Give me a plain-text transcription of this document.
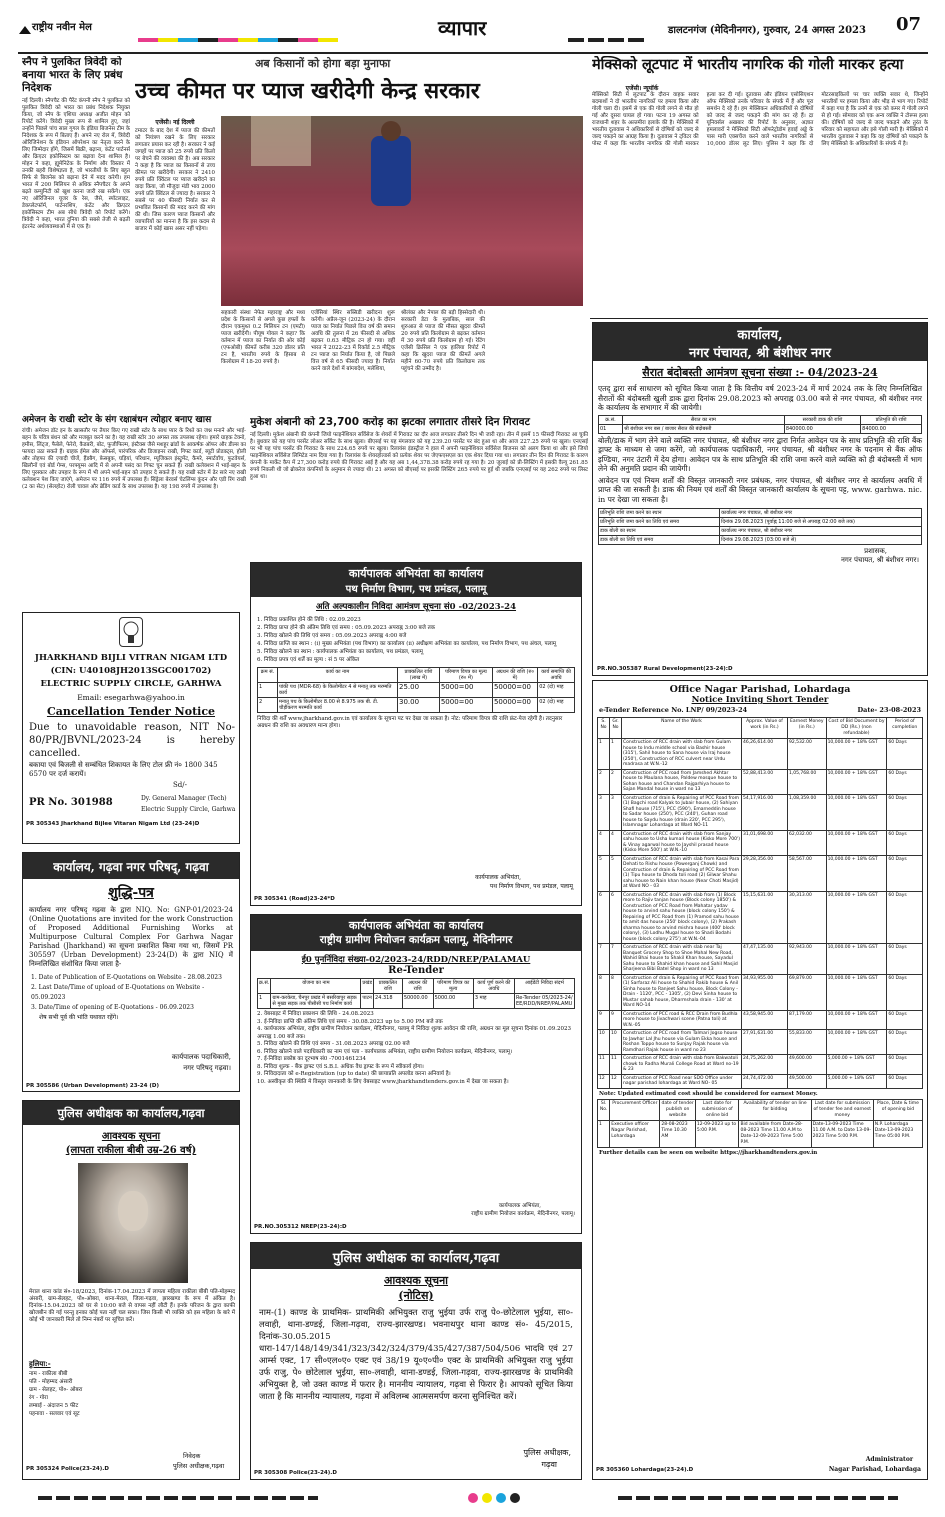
राष्ट्रीय नवीन मेल	व्यापार	डालटनगंज (मेदिनीनगर), गुरुवार, 24 अगस्त 2023 07
स्नैप ने पुलकित त्रिवेदी को बनाया भारत के लिए प्रबंध निदेशक
नई दिल्ली। स्नैपचैट की पैरेंट कंपनी स्नैप ने पुलकित को पुलकित त्रिवेदी को भारत का प्रबंध निदेशक नियुक्त किया, जो स्नैप के एशिया अध्यक्ष अजीत मोहन को रिपोर्ट करेंगे। त्रिवेदी मुख्य रूप से शामिल हुए, जहां उन्होंने पिछले पांच साल गूगल के इंडिया बिजनेस टीम के निदेशक के रूप में बिताए हैं। अपने नए रोल में, त्रिवेदी ओरिजिनेशन के इंडियन ऑपरेशन का नेतृत्व करने के लिए जिम्मेदार होंगे, जिसमें बिक्री, बढ़ाना, कंटेंट पार्टनर्स और क्रिएटर इकोसिस्टम का बढ़ावा देना शामिल है। मोहन ने कहा, ह्यूमेनिटेक के निर्माण और विस्तार में उनकी बहरी विशेषज्ञता है, जो भारतीयों के लिए बहुत सिर्फ से बिजनेस को बढ़ाना देने में मदद करेगी। हम भारत में 200 मिलियन से अधिक स्नैपचैटर के अपने बढ़ते कम्युनिटी को खुश करना जारी रख सकेंगे। एक नए ऑरिजिनल यूजर के रेस, जैसे, स्पॉटलाइट, डेकप्लेटफॉर्म, पार्टनरशिप, कंटेंट और क्रिएटर इकोसिस्टम टीम अब सीधे त्रिवेदी को रिपोर्ट करेंगे। त्रिवेदी ने कहा, भारत दुनिया की सबसे तेजी से बढ़ती इंटरनेट अर्थव्यवस्थाओं में से एक है।
अब किसानों को होगा बड़ा मुनाफा
उच्च कीमत पर प्याज खरीदेगी केन्द्र सरकार
एजेंसी। नई दिल्ली
टमाटर के बाद देश में प्याज की कीमतों को नियंत्रण रखने के लिए सरकार लगातार प्रयास कर रही है। सरकार ने कई जगहों पर प्याज को 25 रुपये प्रति किलो पर बेचने की व्यवस्था की है। अब सरकार ने कहा है कि प्याज का किसानों से उच्च कीमत पर खरीदेगी। सरकार ने 2410 रुपये प्रति क्विंटल पर प्याज खरीदने का वादा किया, जो मौजूदा मंडी भाव 2000 रुपये प्रति क्विंटल से ज्यादा है। सरकार ने सबसे पर 40 फीसदी निर्यात कर से प्रभावित किसानों की मदद करने की मांग की थी। जिस कारण प्याज किसानों और व्यापारियों का मानना है कि इस कदम से बाजार में कोई खास असर नहीं पड़ेगा।
सहकारी संस्था नेफेड महाराष्ट्र और मध्य प्रदेश के किसानों से अगले कुछ हफ्तों के दौरान एकमुश्त 0.2 मिलियन टन (एमटी) प्याज खरीदेगी। पीयूष गोयल ने कहा? कि वर्तमान में प्याज का निर्यात की ओर कोई (एफओबी) कीमतें करीब 320 डॉलर प्रति टन है, भारतीय रुपये के हिसाब से किलोग्राम में 18-20 रुपये है।
एजेंसियां स्थिर सब्सिडी खरीदना शुरू करेंगी। अप्रैल-जून (2023-24) के दौरान प्याज का निर्यात पिछले वित्त वर्ष की समान अवधि की तुलना में 26 फीसदी से अधिक बढ़कर 0.63 मीट्रिक टन हो गया। वहीं भारत ने 2022-23 में रिकॉर्ड 2.5 मीट्रिक टन प्याज का निर्यात किया है, जो पिछले वित्त वर्ष से 65 फीसदी ज्यादा है। निर्यात करने वाले देशों में बांग्लादेश, मलेशिया,
श्रीलंका और नेपाल की बड़ी हिस्सेदारी थी। सरकारी डेटा के मुताबिक, साल की शुरुआत से प्याज की मौसत खुदरा कीमतें 20 रुपये प्रति किलोग्राम से बढ़कर वर्तमान में 30 रुपये प्रति किलोग्राम हो गई। रेटिंग एजेंसी क्रिसिल ने एक हालिया रिपोर्ट में कहा कि खुदरा प्याज की कीमतें अगले महीने 60-70 रुपये प्रति किलोग्राम तक पहुंचने की उम्मीद है।
मेक्सिको लूटपाट में भारतीय नागरिक की गोली मारकर हत्या
एजेंसी। न्यूयॉर्क
मेक्सिको सिटी में लूटपाट के दौरान वाहक सवार बदमाशों ने दो भारतीय नागरिकों पर हमला किया और गोली चला दी। इसमें से एक की गोली लगने से मौत हो गई और दूसरा घायल हो गया। पटना 19 अगस्त को राजधानी शहर के अल्तमीरा इलाके की है। मेक्सिको में भारतीय दूतावास ने अधिकारियों से दोषियों को जल्द से जल्द पकड़ने का आग्रह किया है। दूतावास ने ट्विटर की पोस्ट में कहा कि भारतीय नागरिक की गोली मारकर हत्या कर दी गई। दूतावास और इंडियन एसोसिएशन ऑफ मेक्सिको उनके परिवार के संपर्क में हैं और पूरा समर्थन दे रहे हैं। हम मेक्सिकन अधिकारियों से दोषियों को जल्द से जल्द पकड़ने की मांग कर रहे हैं। द्रा यूनिवर्सल अखबार की रिपोर्ट के अनुसार, अज्ञात हमलावरों ने मेक्सिको सिटी ऑफरेट्रोडोम हवाई अड्डे के पास मारी एक्सचेंज करने वाले भारतीय नागरिकों से 10,000 डॉलर लूट लिए। पुलिस ने कहा कि दो मोटरसाइकिलों पर चार व्यक्ति सवार थे, जिन्होंने भारतीयों पर हमला किया और भीड़ से भाग गए। रिपोर्ट में कहा गया है कि उनमें से एक को कमर मे गोली लगने से हो गई। सोमवार को एक अन्य व्यक्ति ने टोरूस हत्या की। दोषियों को जल्द से जल्द पकड़ने और तुरंत के परिवार को सहायता और इसे गोली मारी है। मेक्सिको में भारतीय दूतावास ने कहा कि वह दोषियों को पकड़ने के लिए मेक्सिको के अधिकारियों के संपर्क में है।
अमेजन के राखी स्टोर के संग रक्षाबंधन त्योहार बनाए खास
रांची। अमेजन डॉट इन के खासतौर पर तैयार किए गए राखी स्टोर के साथ प्यार के रिश्ते का जश्न मनाने और भाई-बहन के पवित्र बंधन को और मजबूत करने का है। यह राखी स्टोर 30 अगस्त तक उपलब्ध रहेगा। हमारे ग्राहक टेक्नो, हमीस, लिंट्ज, फैबेले, फेरेरो, कैडबरी, बोट, फुजीफिल्म, इंस्टैक्स जैसे मशहूर ब्रांडों के आकर्षक ऑफर और डील्स का फायदा उठा सकते हैं। ग्राहक ईमेल और ऑफर्स, पारंपरिक और डिजाइनर राखी, गिफ्ट कार्ड, ब्यूटी प्रोडक्ट्स, होली और तोहफा की ज़्यादी चीजें, हैंडबैग, फ़ेसबुक, घड़ियां, परिधान, म्यूजिकल इंस्ट्रूमेंट, कैमरे, स्मार्टवॉच, फुटवेयर्स, खिलौनों एवं बोर्ड गेम्स, परफ्यूम्स आदि में से अपनी पसंद का गिफ्ट चुन सकते हैं। राखी कलेक्शन में भाई-बहन के लिए पुरस्कार और उपहार के रूप में भी अपने भाई-बहन को उपहार दे सकते हैं। यह राखी स्टोर में ढेर सारे नए राखी कलेक्शन पेश किए जाएंगे, अमेजन पर 116 रुपये में उपलब्ध हैं। सिंड्रेला बेरवर्स चेटलिंग्स कुंदन और एडी रिंग राखी (2 का सेट) (सेलहोट) रोली चावल और ब्रेडिंग कार्ड के साथ उपलब्ध है। यह 198 रुपये में उपलब्ध है।
मुकेश अंबानी को 23,700 करोड़ का झटका लगातार तीसरे दिन गिरावट
नई दिल्ली। मुकेश अंबानी की कंपनी जियो फाइनेंशियल सर्विसेज के शेयरों में गिरावट का दौर आज लगातार तीसरे दिन भी जारी रहा। तीन में इसमें 15 फीसदी गिरावट आ चुकी है। बुधवार को यह पांच परसेंट लोअर सर्किट के साथ खुला। बीएसई पर यह मंगलवार को यह 239.20 परसेंट पर बंद हुआ था और आज 227.25 रुपये पर खुला। एनएसई पर भी यह पांच परसेंट की गिरावट के साथ 224.65 रुपये पर खुला। रिलायंस इंडस्ट्रीज ने हाल में अपनी फाइनेंशियल सर्विसेज बिजनस को अलग किया था और इसे जियो फाइनेंशियल सर्विसेज लिमिटेड नाम दिया गया है। रिलायंस के शेयरहोल्डर्स को प्रत्येक शेयर पर जेएफएसएल का एक शेयर दिया गया था। लगातार तीन दिन की गिरावट के कारण कंपनी के मार्केट कैप में 27,300 करोड़ रुपये की गिरावट आई है और यह अब 1,44,378.38 करोड़ रुपये रह गया है। 20 जुलाई को प्री-लिस्टिंग में इसकी वैल्यू 261.85 रुपये निकली थी जो ब्रोकरेज कंपनियों के अनुमान से ज्यादा थी। 21 अगस्त को बीएसई पर इसकी लिस्टिंग 265 रुपये पर हुई थी जबकि एनएसई पर यह 262 रुपये पर लिस्ट हुआ था।
कार्यालय,
नगर पंचायत, श्री बंशीधर नगर
सैरात बंदोबस्ती आमंत्रण सूचना संख्या :- 04/2023-24
एतद् द्वारा सर्व साधारण को सूचित किया जाता है कि वित्तीय वर्ष 2023-24 में मार्च 2024 तक के लिए निम्नलिखित सैरातों की बंदोबस्ती खुली डाक द्वारा दिनांक 29.08.2023 को अपराह्न 03.00 बजे से नगर पंचायत, श्री बंशीधर नगर के कार्यालय के सभागार में की जायेगी।
क्र.सं.	सैरात का नाम	सरकारी डाक की राशि	प्रतिभूति की राशि
01	श्री बंशीधर नगर बस / बाजार सैरात की बंदोबस्ती	840000.00	84000.00
बोली/डाक में भाग लेने वाले व्यक्ति नगर पंचायत, श्री बंशीधर नगर द्वारा निर्गत आवेदन पत्र के साथ प्रतिभूति की राशि बैंक ड्राफ्ट के माध्यम से जमा करेंगे, जो कार्यपालक पदाधिकारी, नगर पंचायत, श्री बंशीधर नगर के पदनाम से बैंक ऑफ इण्डिया, नगर उंटारी में देय होगा। आवेदन पत्र के साथ प्रतिभूति की राशि जमा करने वाले व्यक्ति को ही बंदोबस्ती में भाग लेने की अनुमति प्रदान की जायेगी।
आवेदन पत्र एवं नियम शर्तों की विस्तृत जानकारी नगर प्रबंधक, नगर पंचायत, श्री बंशीधर नगर से कार्यालय अवधि में प्राप्त की जा सकती है। डाक की नियम एवं शर्तों की विस्तृत जानकारी कार्यालय के सूचना पट्ट, www. garhwa. nic. in पर देखा जा सकता है।
प्रतिभूति राशि जमा करने का स्थान	कार्यालय नगर पंचायत, श्री बंशीधर नगर
प्रतिभूति राशि जमा करने का तिथि एवं समय	दिनांक 29.08.2023 (पूर्वाह्न 11:00 बजे से अपराह्न 02:00 बजे तक)
डाक बोली का स्थान	कार्यालय नगर पंचायत, श्री बंशीधर नगर
डाक बोली का तिथि एवं समय	दिनांक 29.08.2023 (03:00 बजे से)
प्रशासक,
नगर पंचायत, श्री बंशीधर नगर।
PR.NO.305387 Rural Development(23-24):D
JHARKHAND BIJLI VITRAN NIGAM LTD
(CIN: U40108JH2013SGC001702)
ELECTRIC SUPPLY CIRCLE, GARHWA
Email: esegarhwa@yahoo.in
Cancellation Tender Notice
Due to unavoidable reason, NIT No-80/PR/JBVNL/2023-24 is hereby cancelled.
बकाया एवं बिजली से सम्बंधित शिकायत के लिए टोल फ्री नं० 1800 345 6570 पर दर्ज करायें।
Sd/-
PR No. 301988	Dy. General Manager (Tech)
Electric Supply Circle, Garhwa
PR 305343 Jharkhand Bijlee Vitaran Nigam Ltd (23-24)D
कार्यालय, गढ़वा नगर परिषद्, गढ़वा
शुद्धि-पत्र
कार्यालय नगर परिषद् गढ़वा के द्वारा NIQ. No: GNP-01/2023-24 (Online Quotations are invited for the work Construction of Proposed Additional Furnishing Works at Multipurpose Cultural Complex For Garhwa Nagar Parishad (Jharkhand) का सूचना प्रकाशित किया गया था, जिसमें PR 305597 (Urban Development) 23-24(D) के द्वारा NIQ में निम्नलिखित संशोधित किया जाता है-
1. Date of Publication of E-Quotations on Website - 28.08.2023
2. Last Date/Time of upload of E-Quotations on Website - 05.09.2023
3. Date/Time of opening of E-Quotations - 06.09.2023
शेष सभी पूर्व की भांति यथावत रहेंगे।
कार्यपालक पदाधिकारी,
नगर परिषद् गढ़वा।
PR 305586 (Urban Development) 23-24 (D)
पुलिस अधीक्षक का कार्यालय,गढ़वा
आवश्यक सूचना
(लापता राकीला बीबी उम्र-26 वर्ष)
मेराल थाना कांड सं०-18/2023, दिनांक-17.04.2023 में लापता महिला राकीला बीबी पति-मोहम्मद अंसारी, ग्राम-सेलहट, पो०-ओबरा, थाना-मेराल, जिला-गढ़वा, झारखण्ड के रूप में अंकित है। दिनांक-15.04.2023 को घर से 10:00 बजे से वापस नहीं लौटी हैं। इनके परिजन के द्वारा काफी खोजबीन की गई परन्तु इनका कोई पता नहीं चल सका। जिस किसी भी व्यक्ति को इस महिला के बारे में कोई भी जानकारी मिले तो निम्न नंबरों पर सूचित करें।
हुलिया:-
नाम - राकीला बीबी
पति - मोहम्मद अंसारी
ग्राम - सेलहट, पो०- ओबरा
रंग - गोरा
लम्बाई - अंदाजन 5 फीट
पहनावा - सलवार एवं सूट
निवेदक
पुलिस अधीक्षक,गढ़वा
PR 305324 Police(23-24).D
कार्यपालक अभियंता का कार्यालय
पथ निर्माण विभाग, पथ प्रमंडल, पलामू
अति अल्पकालीन निविदा आमंत्रण सूचना सं0 -02/2023-24
1. निविदा प्रकाशित होने की तिथि : 02.09.2023
2. निविदा प्राप्त होने की अंतिम तिथि एवं समय : 05.09.2023 अपराह्न 3:00 बजे तक
3. निविदा खोलने की तिथि एवं समय : 05.09.2023 अपराह्न 4:00 बजे
4. निविदा प्राप्ति का स्थान : (i) मुख्य अभियंता (पथ विभाग) का कार्यालय (ii) अधीक्षण अभियंता का कार्यालय, पथ निर्माण विभाग, पथ अंचल, पलामू
5. निविदा खोलने का स्थान : कार्यपालक अभियंता का कार्यालय, पथ प्रमंडल, पलामू
6. निविदा प्रपत्र एवं शर्तें का मूल्य : सं 5 पर अंकित
क्रम सं.	कार्य का नाम	प्राक्कलित राशि (लाख में)	परिमाण विपत्र का मूल्य (रु० में)	अग्रधन की राशि (रु० में)	कार्य समाप्ति की अवधि
1	पांकी पथ (MDR-68) के किलोमीटर 4 से मनातू तक मरम्मति कार्य	25.00	5000=00	50000=00	02 (दो) माह
2	मनातू पथ के किलोमीटर 8.00 से 8.975 तक बी. टी. चौड़ीकरण मरम्मति कार्य	30.00	5000=00	50000=00	02 (दो) माह
निविदा की शर्तें www.jharkhand.gov.in एवं कार्यालय के सूचना पट पर देखा जा सकता है। नोट: परिमाण विपत्र की राशि फ्रंट-पेज रहेगी है। तदनुसार अग्रधन की राशि का अवधारण मान्य होगा।
कार्यपालक अभियंता,
पथ निर्माण विभाग, पथ प्रमंडल, पलामू
PR 305341 (Road)23-24*D
कार्यपालक अभियंता का कार्यालय
राष्ट्रीय ग्रामीण नियोजन कार्यक्रम पलामू, मेदिनीनगर
ई0 पुनर्निविदा संख्या-02/2023-24/RDD/NREP/PALAMAU
Re-Tender
क्र.सं.	योजना का नाम	प्रखंड	प्राक्कलित राशि	अग्रधन की राशि	परिमाण विपत्र का मूल्य	कार्य पूर्ण करने की अवधि	आईडेंटी निविदा संदर्भ
1	ग्राम-करकेया, चैनपुर प्रखंड में बसरियापुर सड़क से मुख्य सड़क तक पीसीसी पथ निर्माण कार्य	पाटन	24.318	50000.00	5000.00	3 माह	Re-Tender 05/2023-24/ EE/RDD/NREP/PALAMU
2. वेबसाइट में निविदा प्रकाशन की तिथि - 24.08.2023
3. ई-निविदा प्राप्ति की अंतिम तिथि एवं समय - 30.08.2023 up to 5.00 PM बजे तक
4. कार्यपालक अभियंता, राष्ट्रीय ग्रामीण नियोजन कार्यक्रम, मेदिनीनगर, पलामू मे निविदा शुल्क आवेदन की राशि, अग्रधन का मूल सूचना दिनांक 01.09.2023 अपराह्न 1.00 बजे तक।
5. निविदा खोलने की तिथि एवं समय - 31.08.2023 अपराह्न 02.00 बजे
6. निविदा खोलने वाले पदाधिकारी का नाम एवं पता - कार्यपालक अभियंता, राष्ट्रीय ग्रामीण नियोजन कार्यक्रम, मेदिनीनगर, पलामू।
7. ई-निविदा प्रकोष्ठ का दूरभाष सं0 -7001461234
8. निविदा शुल्क - बैंक ड्राफ्ट एवं S.B.I. अधिक वैध ड्राफ्ट के रूप में स्वीकार्य होगा।
9. निविदादाता को e-Registration (up to date) की छायाप्रति अपलोड करना अनिवार्य है।
10. अस्वीकृत की स्थिति मे विस्तृत जानकारी के लिए वेबसाइट www.jharkhandtenders.gov.in में देखा जा सकता है।
कार्यपालक अभियंता,
राष्ट्रीय ग्रामीण नियोजन कार्यक्रम, मेदिनीनगर, पलामू।
PR.NO.305312 NREP(23-24):D
पुलिस अधीक्षक का कार्यालय,गढ़वा
आवश्यक सूचना
(नोटिस)
नाम-(1) काण्ड के प्राथमिक- प्राथमिकी अभियुक्त राजु भुईया उर्फ राजु पे०-छोटेलाल भुईया, सा०-लवाही, थाना-डण्डई, जिला-गढ़वा, राज्य-झारखण्ड। भवनाथपुर थाना काण्ड सं०- 45/2015, दिनांक-30.05.2015 धारा-147/148/149/341/323/342/324/379/435/427/387/504/506 भादवि एवं 27 आर्म्स एक्ट, 17 सी०एल०ए० एक्ट एवं 38/19 यू०ए०पी० एक्ट के प्राथमिकी अभियुक्त राजु भुईया उर्फ राजु, पे० छोटेलाल भुईया, सा०-लवाही, थाना-डण्डई, जिला-गढ़वा, राज्य-झारखण्ड के प्राथमिकी अभियुक्त है, जो उक्त काण्ड में फरार है। माननीय न्यायालय, गढ़वा से फिरार है। आपको सूचित किया जाता है कि माननीय न्यायालय, गढ़वा में अविलम्ब आत्मसमर्पण करना सुनिश्चित करें।
पुलिस अधीक्षक,
गढ़वा
PR 305308 Police(23-24).D
Office Nagar Parishad, Lohardaga
Notice Inviting Short Tender
e-Tender Reference No. LNP/ 09/2023-24	Date- 23-08-2023
S. No	Gr. No	Name of the Work	Approx. Value of work (in Rs.)	Earnest Money (in Rs.)	Cost of Bid Document by DD (Rs.) (non refundable)	Period of completion
1	1	Construction of RCC drain with slab from Gulam house to Indu middle school via Bashir house (315'), Sahil house to Sana house via Iraj house (250'), Construction of RCC culvert near Urdu madrasa at W.N.-12	46,26,614.00	92,532.00	10,000.00 + 18% GST	60 Days
2	2	Construction of PCC road from Jamshed Akhtar house to Maulana house, Paldew mosque house to Sohan house and Chandan Rajgarhiya house to Sajan Mandal house in ward no 13	52,88,413.00	1,05,768.00	10,000.00 + 18% GST	60 Days
3	3	Construction of drain & Repairing of PCC Road from (1) Bagchi road Kalyak to Jubair house, (2) Sahiyan Shafi house (715'), PCC (590'), Emarneddin house to Sadar house (250'), PCC (240'), Guhan road house to Saydu house (drain 220', PCC 295'), Islamnagar Lohardaga at Ward NO-11	54,17,916.00	1,08,359.00	10,000.00 + 18% GST	60 Days
4	4	Construction of RCC drain with slab from Sanjay sahu house to Usha kumari house (Kisko More 700') & Vinay agarwal house to Jayshil prasad house (Kisko More 500') at W.N.-10	31,01,698.00	62,032.00	10,000.00 + 18% GST	60 Days
5	5	Construction of RCC drain with slab from Kasai Para Dehati to Rishu house (Powerganj Chowk) and Construction of drain & Repairing of PCC Road from (1) Tipu house to Dhoda toli road (2) Gilwar Shahu sahu house to Nain khan house (Near Choti Masjid) at Ward NO - 03	29,28,356.00	58,567.00	10,000.00 + 18% GST	60 Days
6	6	Construction of RCC drain with slab from (1) Block more to Rajiv tanjan house (Block colony 1850') & Construction of PCC Road from Mahatar yadav house to arvind sahu house (block colony 150') & Repairing of PCC Road from (1) Pramod sahu house to amit das house (250' block colony), (2) Prakash sharma house to arvind mishra house (400' block colony), (3) Lodhu Mugal house to Shadi Bodahi house (block colony 275') at W.N.-04	15,15,631.00	30,313.00	10,000.00 + 18% GST	60 Days
7	7	Construction of RCC drain with slab near Taj Banquet Grocery Shop to Shoe Mahal New Road, Wahid Bhai house to Shakil Khan house, Sayadul Sahu house to Shahid khan house and Sahil Masjid Sharjeena Bibi Batel Shop in ward no 13	47,47,135.00	92,943.00	10,000.00 + 18% GST	60 Days
8	8	Construction of drain & Repairing of PCC Road from (1) Sarfaraz Ali house to Shahid Rakib house & Anil Sinha house to Ranjeet Sahu house, Block Colony - Drain - 1120', PCC - 1305', (2) Devi Sinha house to Mustar sahab house, Dharmshala drain - 130' at Ward NO-14	34,93,955.00	69,879.00	10,000.00 + 18% GST	60 Days
9	9	Construction of PCC road & RCC Drain from Budhla more house to Jivachwari scene (Patna toli) at W.N.-05	43,58,945.00	87,179.00	10,000.00 + 18% GST	60 Days
10	10	Construction of PCC road from Talmari Jogso house to Jawhar Lal Jhu house via Gulam Ekka house and Roshan Toppo house to Sunjay Rajak house via Ramdhari Rajak house in ward no 23	27,91,631.00	55,833.00	10,000.00 + 18% GST	60 Days
11	11	Construction of RCC drain with slab from Bakwatoli chowk to Radha Murali College Road at Ward no-19 & 23	24,75,262.00	49,600.00	5,000.00 + 18% GST	60 Days
12	12	Construction of PCC Road near SDO Office under nagar parishad lohardaga at Ward NO- 05	24,74,472.00	49,500.00	5,000.00 + 18% GST	60 Days
Note: Updated estimated cost should be considered for earnest Money.
Sl. No.	Procurement Officer	date of tender publish on website	Last date for submission of online bid	Availability of tender on line for bidding	Last date for submission of tender fee and earnest money	Place, Date & time of opening bid
1	Executive officer Nagar Parishad, Lohardaga	28-08-2023 Time 10.30 AM	12-09-2023 up to 5:00 P.M.	Bid available from Date-28-08-2023 Time 11.00 A.M to Date-12-09-2023 Time 5:00 P.M.	Date-13-09-2023 Time 11.00 A.M. to Date 13-09-2023 Time 5:00 P.M.	N.P. Lohardaga Date-13-09-2023 Time 05:00 P.M.
Further details can be seen on website https://jharkhandtenders.gov.in
Administrator
Nagar Parishad, Lohardaga
PR 305360 Lohardaga(23-24).D
